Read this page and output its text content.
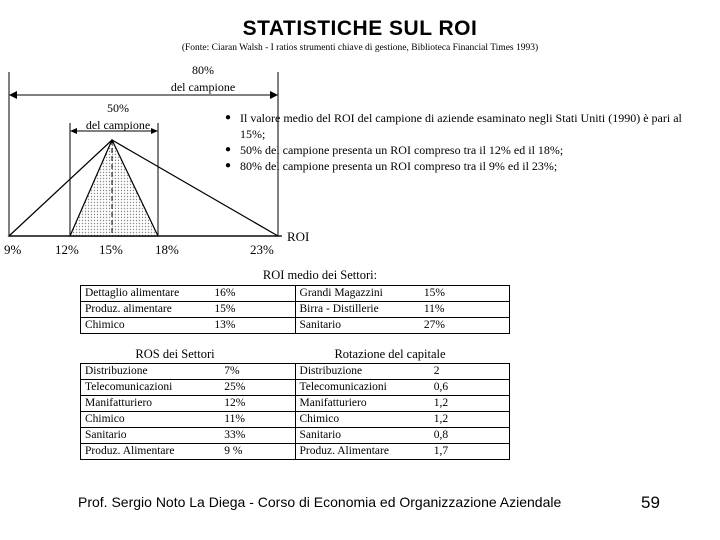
STATISTICHE SUL ROI
(Fonte: Ciaran Walsh - I ratios strumenti chiave di gestione, Biblioteca Financial Times 1993)
80%
del campione
50%
del campione
9%	12% 15% 18%	23%
ROI
● Il valore medio del ROI del campione di aziende esaminato negli Stati Uniti (1990) è pari al 15%;
● 50% del campione presenta un ROI compreso tra il 12% ed il 18%;
● 80% del campione presenta un ROI compreso tra il 9% ed il 23%;
ROI medio dei Settori:
Dettaglio alimentare	16%	Grandi Magazzini	15%
Produz. alimentare	15%	Birra - Distillerie	11%
Chimico	13%	Sanitario	27%
ROS dei Settori	Rotazione del capitale
Distribuzione	7%	Distribuzione	2
Telecomunicazioni	25%	Telecomunicazioni	0,6
Manifatturiero	12%	Manifatturiero	1,2
Chimico	11%	Chimico	1,2
Sanitario	33%	Sanitario	0,8
Produz. Alimentare	9 %	Produz. Alimentare	1,7
Prof. Sergio Noto La Diega - Corso di Economia ed Organizzazione Aziendale	59
